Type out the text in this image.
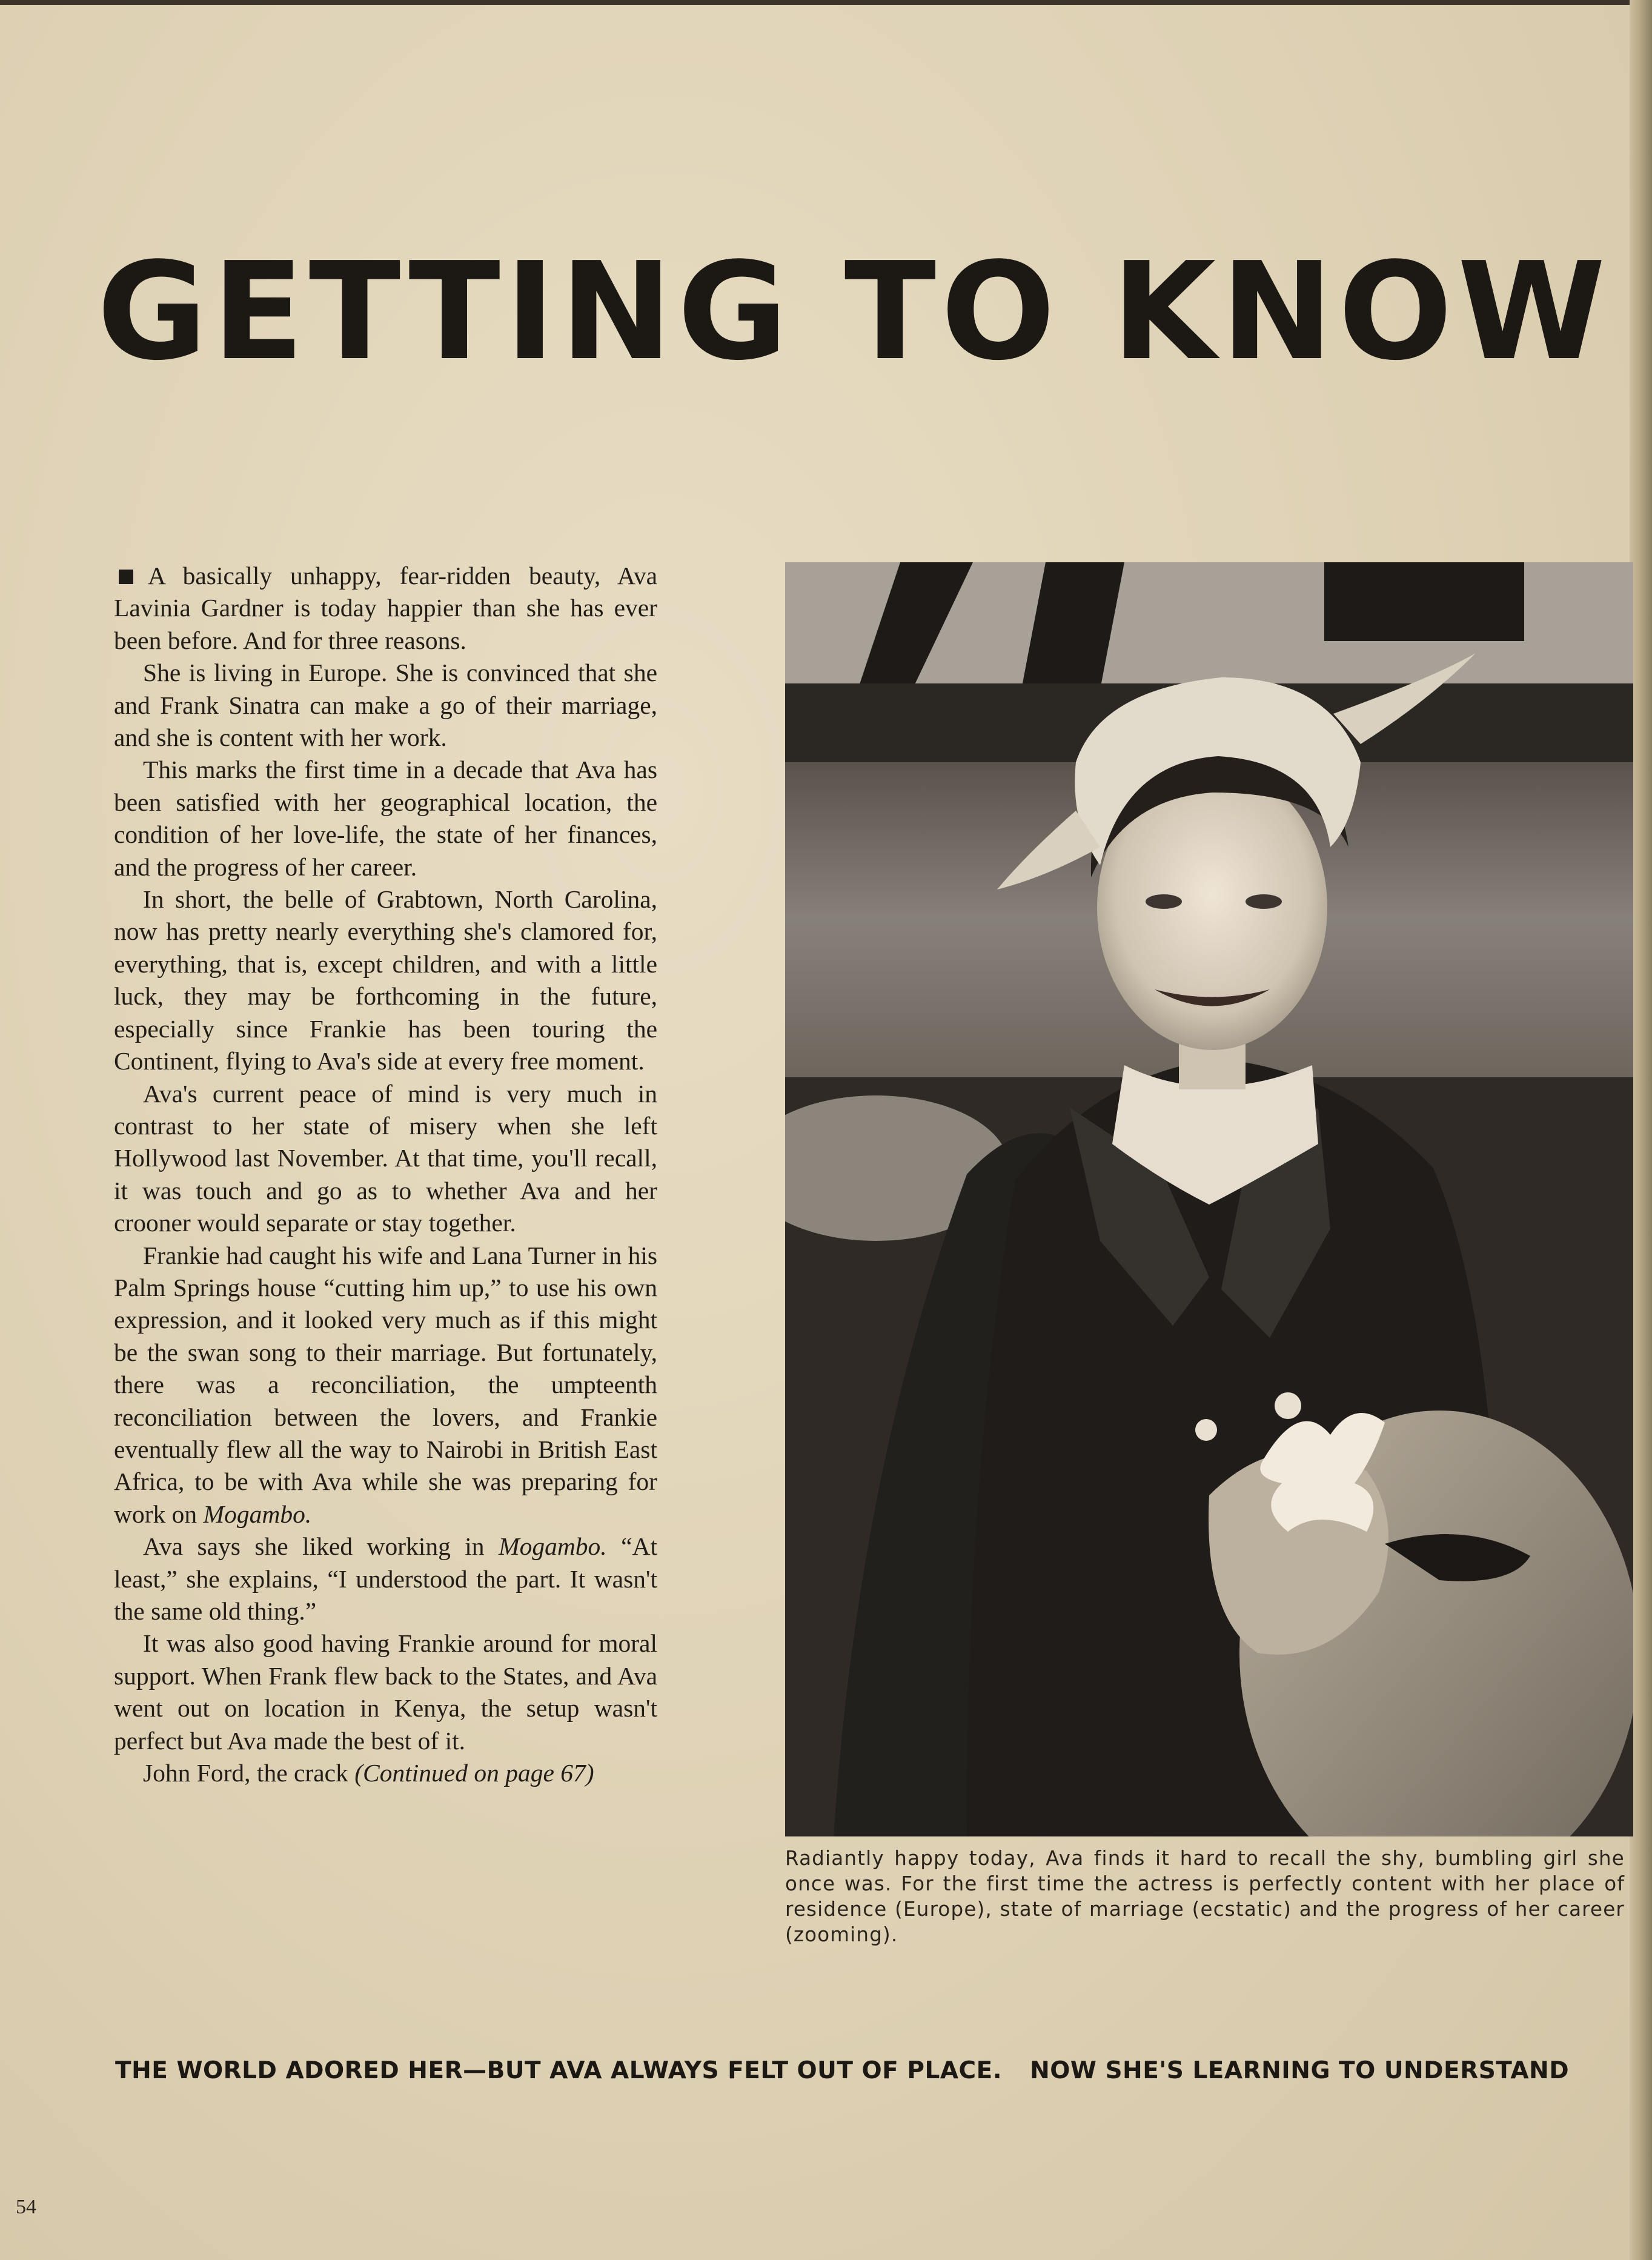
GETTING TO KNOW

A basically unhappy, fear-ridden beauty, Ava Lavinia Gardner is today happier than she has ever been before. And for three reasons.

She is living in Europe. She is convinced that she and Frank Sinatra can make a go of their marriage, and she is content with her work.

This marks the first time in a decade that Ava has been satisfied with her geographical location, the condition of her love-life, the state of her finances, and the progress of her career.

In short, the belle of Grabtown, North Carolina, now has pretty nearly everything she's clamored for, everything, that is, except children, and with a little luck, they may be forthcoming in the future, especially since Frankie has been touring the Continent, flying to Ava's side at every free moment.

Ava's current peace of mind is very much in contrast to her state of misery when she left Hollywood last November. At that time, you'll recall, it was touch and go as to whether Ava and her crooner would separate or stay together.

Frankie had caught his wife and Lana Turner in his Palm Springs house “cutting him up,” to use his own expression, and it looked very much as if this might be the swan song to their marriage. But fortunately, there was a reconciliation, the umpteenth reconciliation between the lovers, and Frankie eventually flew all the way to Nairobi in British East Africa, to be with Ava while she was preparing for work on Mogambo.

Ava says she liked working in Mogambo. “At least,” she explains, “I understood the part. It wasn't the same old thing.”

It was also good having Frankie around for moral support. When Frank flew back to the States, and Ava went out on location in Kenya, the setup wasn't perfect but Ava made the best of it.

John Ford, the crack (Continued on page 67)

Radiantly happy today, Ava finds it hard to recall the shy, bumbling girl she once was. For the first time the actress is perfectly content with her place of residence (Europe), state of marriage (ecstatic) and the progress of her career (zooming).
THE WORLD ADORED HER—BUT AVA ALWAYS FELT OUT OF PLACE. NOW SHE'S LEARNING TO UNDERSTAND
54
